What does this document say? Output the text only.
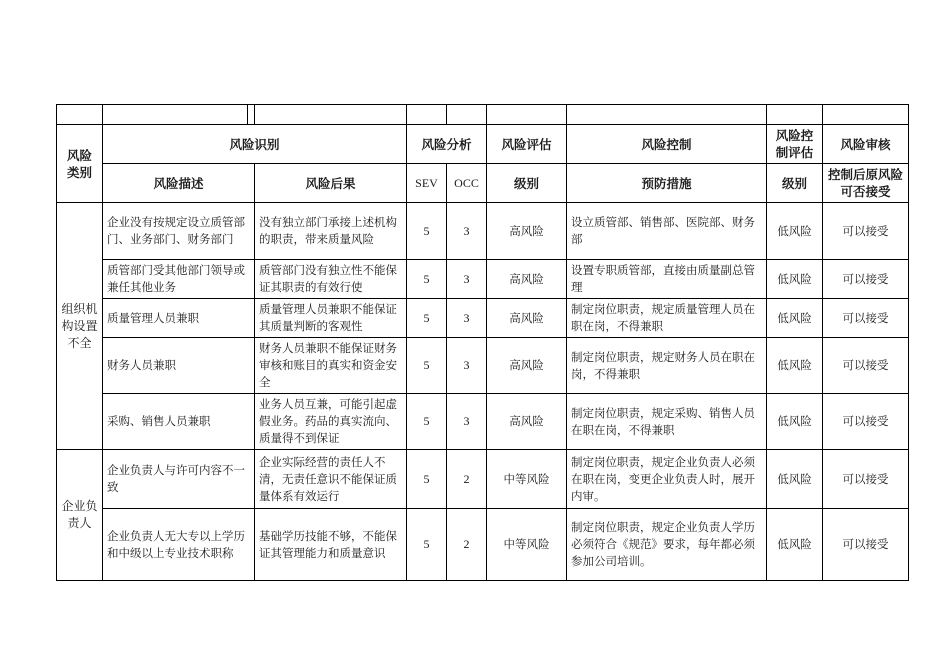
风险类别	风险识别		风险分析		风险评估	风险控制	风险控制评估	风险审核
	风险描述	风险后果	SEV	OCC	级别	预防措施	级别	控制后原风险可否接受
组织机构设置不全	企业没有按规定设立质管部门、业务部门、财务部门	没有独立部门承接上述机构的职责，带来质量风险	5	3	高风险	设立质管部、销售部、医院部、财务部	低风险	可以接受
	质管部门受其他部门领导或兼任其他业务	质管部门没有独立性不能保证其职责的有效行使	5	3	高风险	设置专职质管部，直接由质量副总管理	低风险	可以接受
	质量管理人员兼职	质量管理人员兼职不能保证其质量判断的客观性	5	3	高风险	制定岗位职责，规定质量管理人员在职在岗，不得兼职	低风险	可以接受
	财务人员兼职	财务人员兼职不能保证财务审核和账目的真实和资金安全	5	3	高风险	制定岗位职责，规定财务人员在职在岗，不得兼职	低风险	可以接受
	采购、销售人员兼职	业务人员互兼，可能引起虚假业务。药品的真实流向、质量得不到保证	5	3	高风险	制定岗位职责，规定采购、销售人员在职在岗，不得兼职	低风险	可以接受
企业负责人	企业负责人与许可内容不一致	企业实际经营的责任人不清，无责任意识不能保证质量体系有效运行	5	2	中等风险	制定岗位职责，规定企业负责人必须在职在岗，变更企业负责人时，展开内审。	低风险	可以接受
	企业负责人无大专以上学历和中级以上专业技术职称	基础学历技能不够，不能保证其管理能力和质量意识	5	2	中等风险	制定岗位职责，规定企业负责人学历必须符合《规范》要求，每年都必须参加公司培训。	低风险	可以接受
